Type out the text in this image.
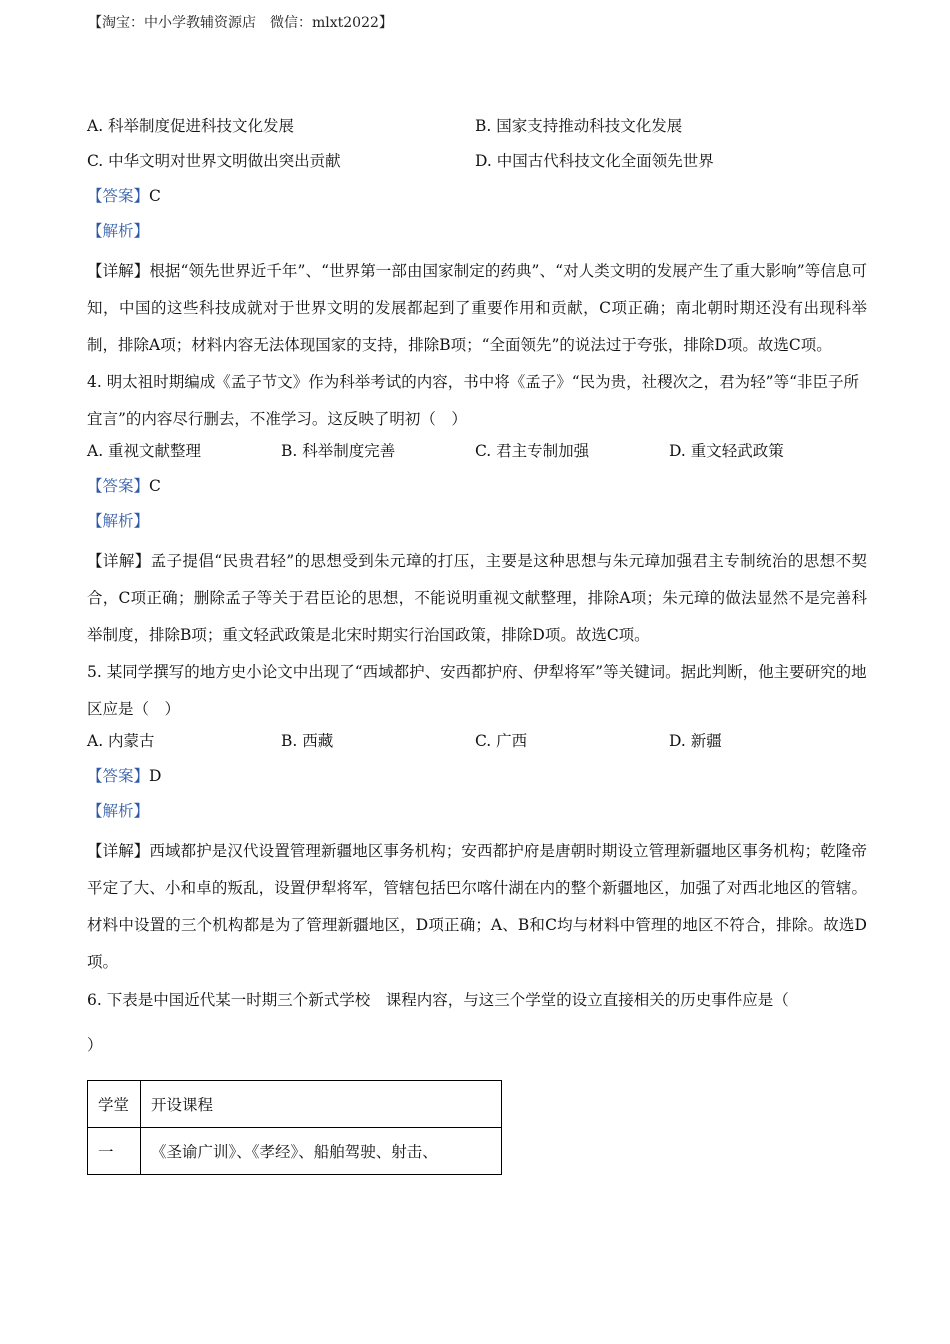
【淘宝：中小学教辅资源店　微信：mlxt2022】
A. 科举制度促进科技文化发展	B. 国家支持推动科技文化发展
C. 中华文明对世界文明做出突出贡献	D. 中国古代科技文化全面领先世界
【答案】C
【解析】
【详解】根据“领先世界近千年”、“世界第一部由国家制定的药典”、“对人类文明的发展产生了重大影响”等信息可知，中国的这些科技成就对于世界文明的发展都起到了重要作用和贡献，C项正确；南北朝时期还没有出现科举制，排除A项；材料内容无法体现国家的支持，排除B项；“全面领先”的说法过于夸张，排除D项。故选C项。
4. 明太祖时期编成《孟子节文》作为科举考试的内容，书中将《孟子》“民为贵，社稷次之，君为轻”等“非臣子所宜言”的内容尽行删去，不准学习。这反映了明初（　）
A. 重视文献整理	B. 科举制度完善	C. 君主专制加强	D. 重文轻武政策
【答案】C
【解析】
【详解】孟子提倡“民贵君轻”的思想受到朱元璋的打压，主要是这种思想与朱元璋加强君主专制统治的思想不契合，C项正确；删除孟子等关于君臣论的思想，不能说明重视文献整理，排除A项；朱元璋的做法显然不是完善科举制度，排除B项；重文轻武政策是北宋时期实行治国政策，排除D项。故选C项。
5. 某同学撰写的地方史小论文中出现了“西域都护、安西都护府、伊犁将军”等关键词。据此判断，他主要研究的地区应是（　）
A. 内蒙古	B. 西藏	C. 广西	D. 新疆
【答案】D
【解析】
【详解】西域都护是汉代设置管理新疆地区事务机构；安西都护府是唐朝时期设立管理新疆地区事务机构；乾隆帝平定了大、小和卓的叛乱，设置伊犁将军，管辖包括巴尔喀什湖在内的整个新疆地区，加强了对西北地区的管辖。材料中设置的三个机构都是为了管理新疆地区，D项正确；A、B和C均与材料中管理的地区不符合，排除。故选D项。
6. 下表是中国近代某一时期三个新式学校　课程内容，与这三个学堂的设立直接相关的历史事件应是（
）
学堂	开设课程
一	《圣谕广训》、《孝经》、船舶驾驶、射击、
